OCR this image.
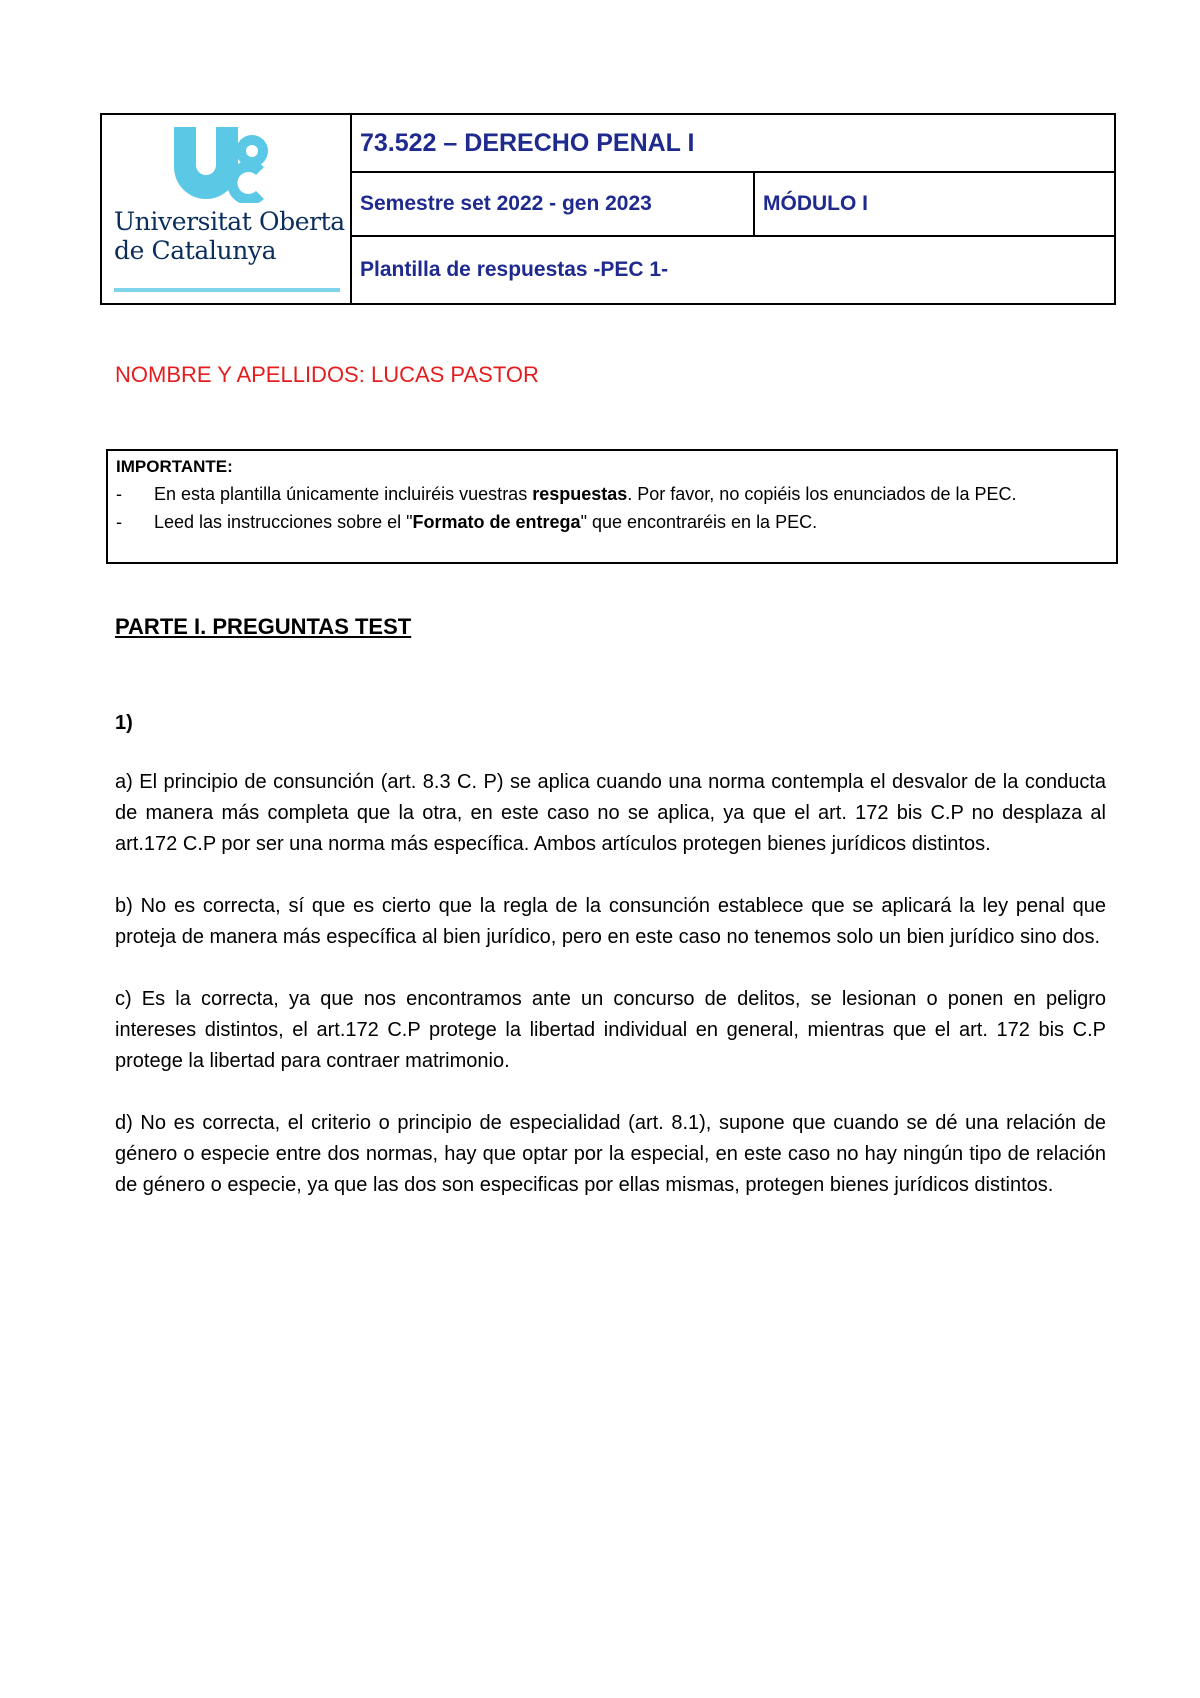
Universitat Oberta
de Catalunya
73.522 – DERECHO PENAL I
Semestre set 2022 - gen 2023	MÓDULO I
Plantilla de respuestas -PEC 1-
NOMBRE Y APELLIDOS: LUCAS PASTOR
IMPORTANTE:
-	En esta plantilla únicamente incluiréis vuestras respuestas. Por favor, no copiéis los enunciados de la PEC.
-	Leed las instrucciones sobre el "Formato de entrega" que encontraréis en la PEC.
PARTE I. PREGUNTAS TEST
1)

a) El principio de consunción (art. 8.3 C. P) se aplica cuando una norma contempla el desvalor de la conducta de manera más completa que la otra, en este caso no se aplica, ya que el art. 172 bis C.P no desplaza al art.172 C.P por ser una norma más específica. Ambos artículos protegen bienes jurídicos distintos.

b) No es correcta, sí que es cierto que la regla de la consunción establece que se aplicará la ley penal que proteja de manera más específica al bien jurídico, pero en este caso no tenemos solo un bien jurídico sino dos.

c) Es la correcta, ya que nos encontramos ante un concurso de delitos, se lesionan o ponen en peligro intereses distintos, el art.172 C.P protege la libertad individual en general, mientras que el art. 172 bis C.P protege la libertad para contraer matrimonio.

d) No es correcta, el criterio o principio de especialidad (art. 8.1), supone que cuando se dé una relación de género o especie entre dos normas, hay que optar por la especial, en este caso no hay ningún tipo de relación de género o especie, ya que las dos son especificas por ellas mismas, protegen bienes jurídicos distintos.
